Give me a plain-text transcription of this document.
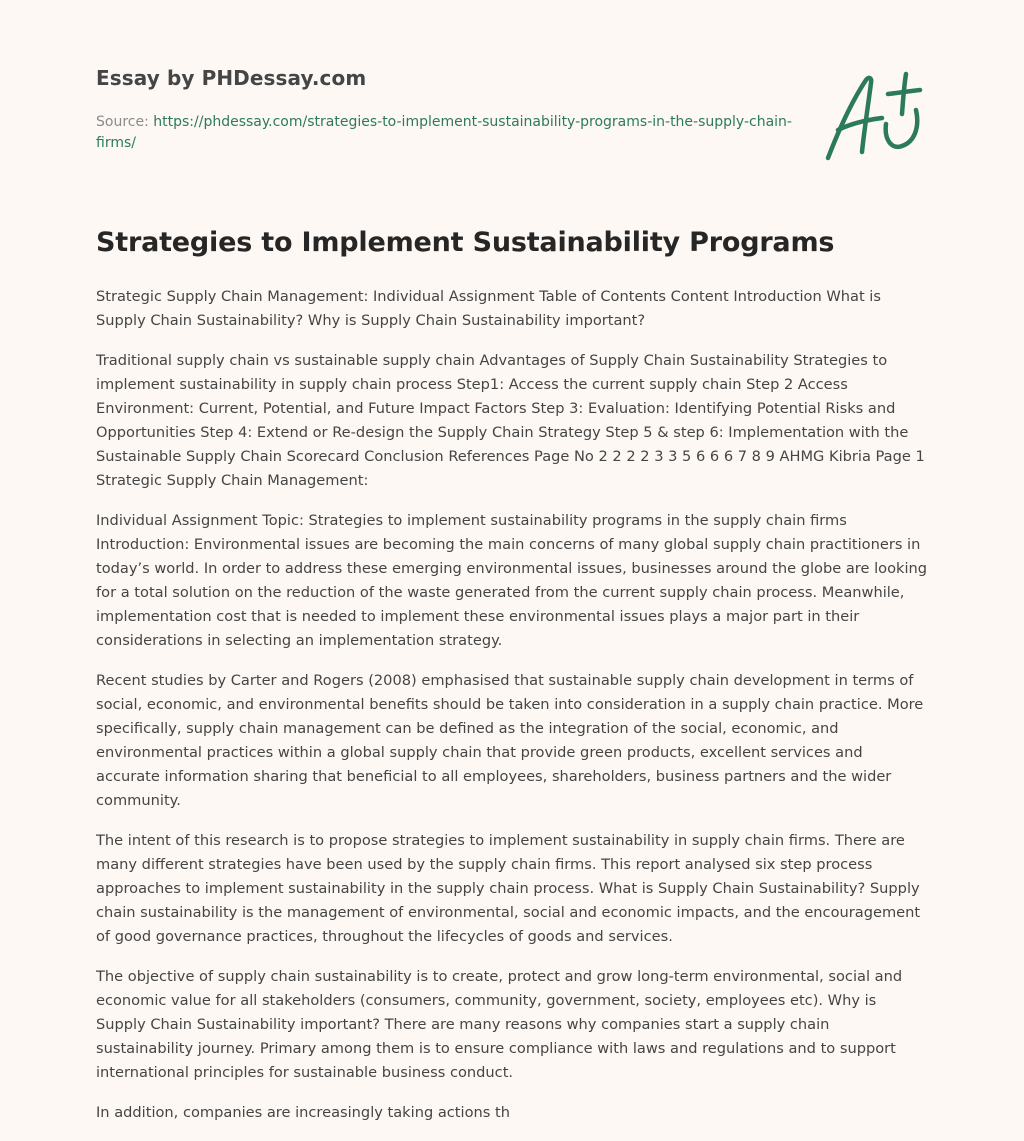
Essay by PHDessay.com
Source: https://phdessay.com/strategies-to-implement-sustainability-programs-in-the-supply-chain-firms/
Strategies to Implement Sustainability Programs

Strategic Supply Chain Management: Individual Assignment Table of Contents Content Introduction What is Supply Chain Sustainability? Why is Supply Chain Sustainability important?

Traditional supply chain vs sustainable supply chain Advantages of Supply Chain Sustainability Strategies to implement sustainability in supply chain process Step1: Access the current supply chain Step 2 Access Environment: Current, Potential, and Future Impact Factors Step 3: Evaluation: Identifying Potential Risks and Opportunities Step 4: Extend or Re-design the Supply Chain Strategy Step 5 & step 6: Implementation with the Sustainable Supply Chain Scorecard Conclusion References Page No 2 2 2 2 3 3 5 6 6 6 7 8 9 AHMG Kibria Page 1 Strategic Supply Chain Management:

Individual Assignment Topic: Strategies to implement sustainability programs in the supply chain firms Introduction: Environmental issues are becoming the main concerns of many global supply chain practitioners in today’s world. In order to address these emerging environmental issues, businesses around the globe are looking for a total solution on the reduction of the waste generated from the current supply chain process. Meanwhile, implementation cost that is needed to implement these environmental issues plays a major part in their considerations in selecting an implementation strategy.

Recent studies by Carter and Rogers (2008) emphasised that sustainable supply chain development in terms of social, economic, and environmental benefits should be taken into consideration in a supply chain practice. More specifically, supply chain management can be defined as the integration of the social, economic, and environmental practices within a global supply chain that provide green products, excellent services and accurate information sharing that beneficial to all employees, shareholders, business partners and the wider community.

The intent of this research is to propose strategies to implement sustainability in supply chain firms. There are many different strategies have been used by the supply chain firms. This report analysed six step process approaches to implement sustainability in the supply chain process. What is Supply Chain Sustainability? Supply chain sustainability is the management of environmental, social and economic impacts, and the encouragement of good governance practices, throughout the lifecycles of goods and services.

The objective of supply chain sustainability is to create, protect and grow long-term environmental, social and economic value for all stakeholders (consumers, community, government, society, employees etc). Why is Supply Chain Sustainability important? There are many reasons why companies start a supply chain sustainability journey. Primary among them is to ensure compliance with laws and regulations and to support international principles for sustainable business conduct.

In addition, companies are increasingly taking actions th
